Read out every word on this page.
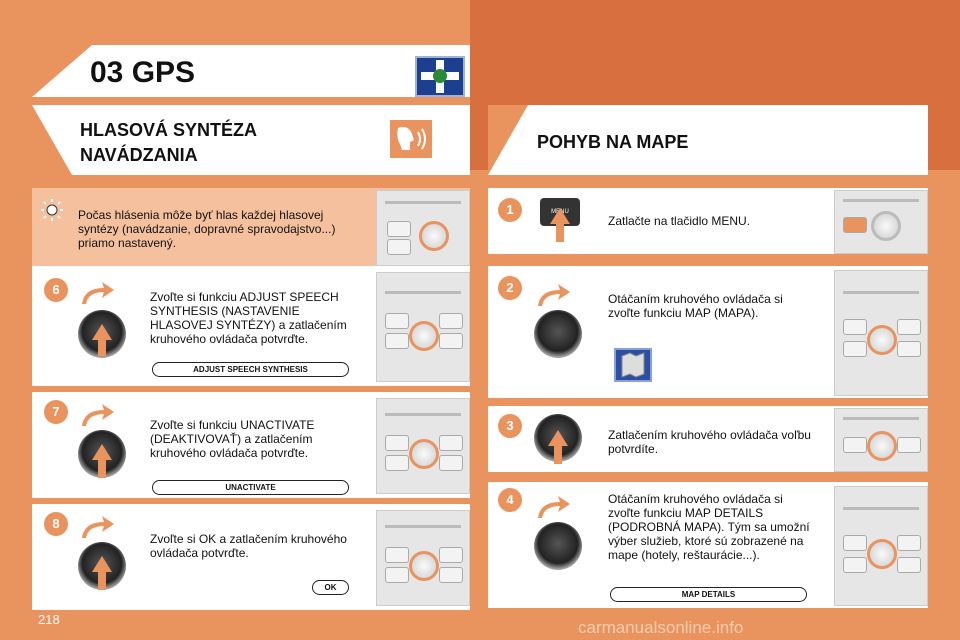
03 GPS
HLASOVÁ SYNTÉZA
NAVÁDZANIA
POHYB NA MAPE
Počas hlásenia môže byť hlas každej hlasovej syntézy (navádzanie, dopravné spravodajstvo...) priamo nastavený.
6	Zvoľte si funkciu ADJUST SPEECH SYNTHESIS (NASTAVENIE HLASOVEJ SYNTÉZY) a zatlačením kruhového ovládača potvrďte.
ADJUST SPEECH SYNTHESIS
7
Zvoľte si funkciu UNACTIVATE (DEAKTIVOVAŤ) a zatlačením kruhového ovládača potvrďte.
UNACTIVATE
8
Zvoľte si OK a zatlačením kruhového ovládača potvrďte.
OK
1	MENU
Zatlačte na tlačidlo MENU.
2
Otáčaním kruhového ovládača si zvoľte funkciu MAP (MAPA).
3
Zatlačením kruhového ovládača voľbu potvrdíte.
4	Otáčaním kruhového ovládača si zvoľte funkciu MAP DETAILS (PODROBNÁ MAPA). Tým sa umožní výber služieb, ktoré sú zobrazené na mape (hotely, reštaurácie...).
MAP DETAILS
218	carmanualsonline.info
